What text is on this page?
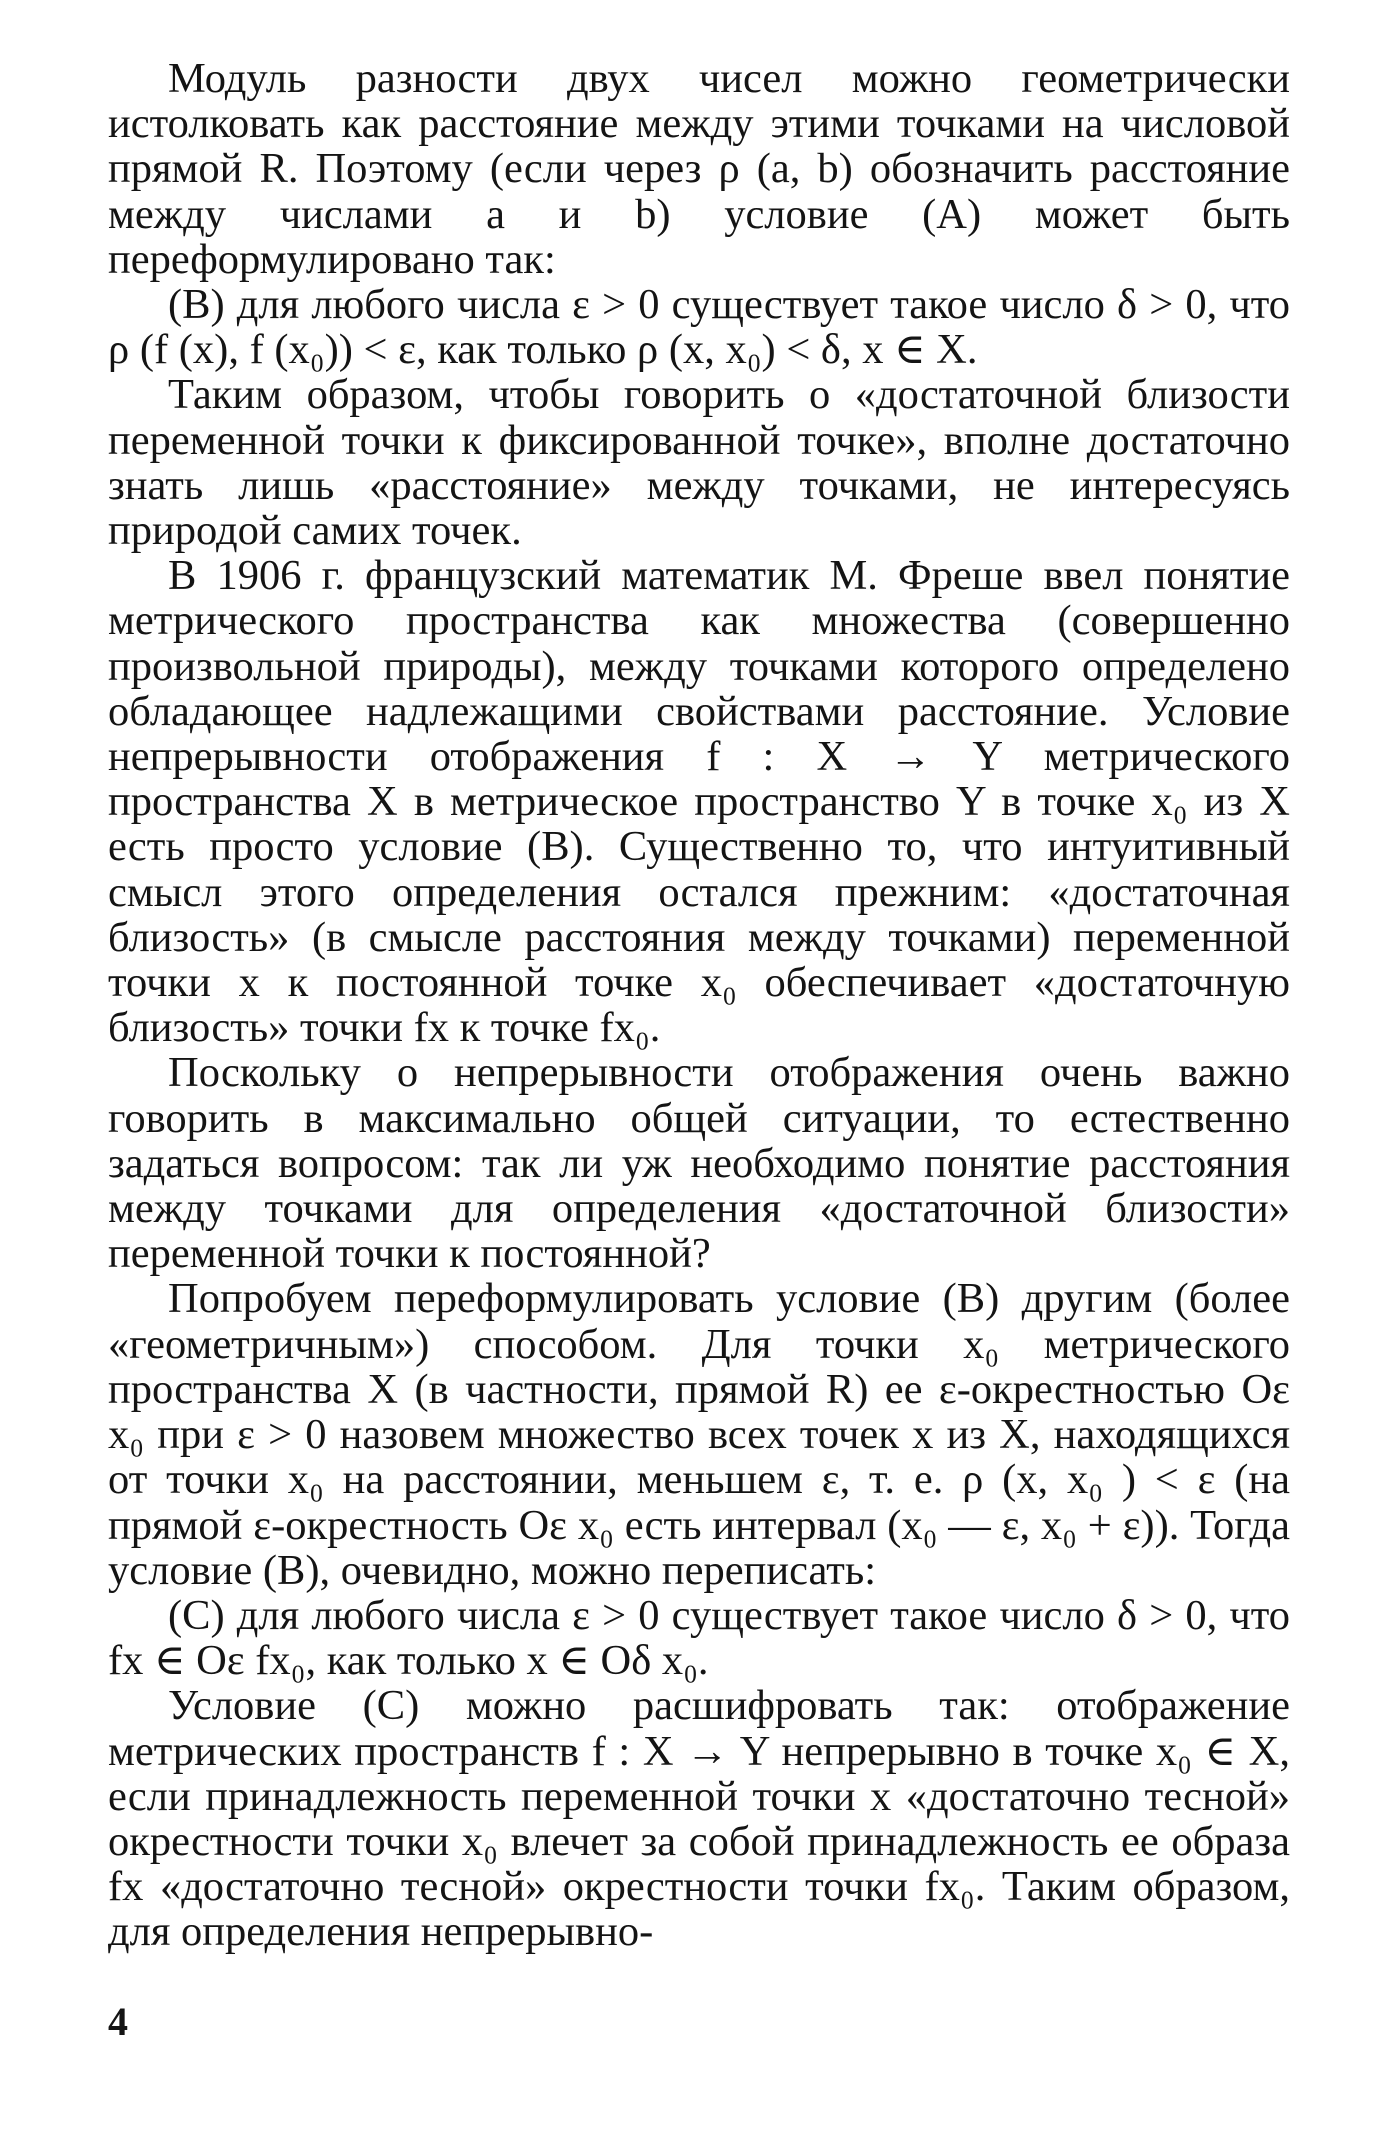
Модуль разности двух чисел можно геометрически истолковать как расстояние между этими точками на числовой прямой R. Поэтому (если через ρ (a, b) обозначить расстояние между числами a и b) условие (A) может быть переформулировано так:

(B) для любого числа ε > 0 существует такое число δ > 0, что ρ (f (x), f (x₀)) < ε, как только ρ (x, x₀) < δ, x ∈ X.

Таким образом, чтобы говорить о «достаточной близости переменной точки к фиксированной точке», вполне достаточно знать лишь «расстояние» между точками, не интересуясь природой самих точек.

В 1906 г. французский математик М. Фреше ввел понятие метрического пространства как множества (совершенно произвольной природы), между точками которого определено обладающее надлежащими свойствами расстояние. Условие непрерывности отображения f : X → Y метрического пространства X в метрическое пространство Y в точке x₀ из X есть просто условие (B). Существенно то, что интуитивный смысл этого определения остался прежним: «достаточная близость» (в смысле расстояния между точками) переменной точки x к постоянной точке x₀ обеспечивает «достаточную близость» точки fx к точке fx₀.

Поскольку о непрерывности отображения очень важно говорить в максимально общей ситуации, то естественно задаться вопросом: так ли уж необходимо понятие расстояния между точками для определения «достаточной близости» переменной точки к постоянной?

Попробуем переформулировать условие (B) другим (более «геометричным») способом. Для точки x₀ метрического пространства X (в частности, прямой R) ее ε-окрестностью Oε x₀ при ε > 0 назовем множество всех точек x из X, находящихся от точки x₀ на расстоянии, меньшем ε, т. е. ρ (x, x₀ ) < ε (на прямой ε-окрестность Oε x₀ есть интервал (x₀ — ε, x₀ + ε)). Тогда условие (B), очевидно, можно переписать:

(C) для любого числа ε > 0 существует такое число δ > 0, что fx ∈ Oε fx₀, как только x ∈ Oδ x₀.

Условие (C) можно расшифровать так: отображение метрических пространств f : X → Y непрерывно в точке x₀ ∈ X, если принадлежность переменной точки x «достаточно тесной» окрестности точки x₀ влечет за собой принадлежность ее образа fx «достаточно тесной» окрестности точки fx₀. Таким образом, для определения непрерывно-

4
